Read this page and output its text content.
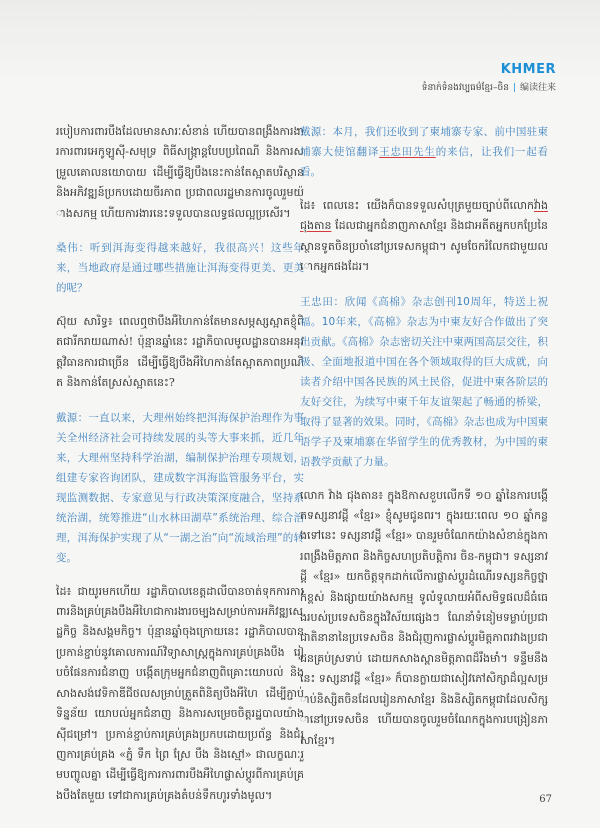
KHMER
ទំនាក់ទំនងវប្បធម៌ខ្មែរ–ចិន | 编读往来

របៀបការពារបឹងដែលមានសារៈសំខាន់ ហើយបានពង្រឹងការងារការពារអេកូឡូស៊ី-សមុទ្រ ពិធីសង្ក្រាន្តបែបប្រពៃណី និងការសម្រួលគោលនយោបាយ ដើម្បីធ្វើឱ្យបឹងនេះកាន់តែស្អាតបរិស្ថាន និងអភិវឌ្ឍន៍ប្រកបដោយចីរភាព ប្រជាពលរដ្ឋមានការចូលរួមយ៉ាងសកម្ម ហើយការងារនេះទទួលបានលទ្ធផលល្អប្រសើរ។

桑伟：听到洱海变得越来越好，我很高兴！这些年来，当地政府是通过哪些措施让洱海变得更美、更美的呢？

ស៊ុយ សារិទ្ធ៖ ពេលឮថាបឹងអឺហៃកាន់តែមានសម្ភស្សស្អាតខ្ញុំពិតជារីករាយណាស់! ប៉ុន្មានឆ្នាំនេះ រដ្ឋាភិបាលមូលដ្ឋានបានអនុវត្តវិធានការជាច្រើន ដើម្បីធ្វើឱ្យបឹងអឺហៃកាន់តែស្អាតភាពប្រណិត និងកាន់តែស្រស់ស្អាតនេះ?

戴源：一直以来，大理州始终把洱海保护治理作为事关全州经济社会可持续发展的头等大事来抓，近几年来，大理州坚持科学治湖，编制保护治理专项规划，组建专家咨询团队，建成数字洱海监管服务平台，实现监测数据、专家意见与行政决策深度融合，坚持系统治湖，统筹推进“山水林田湖草”系统治理、综合治理，洱海保护实现了从“一湖之治”向“流域治理”的转变。

ដៃ៖ ជាយូរមកហើយ រដ្ឋាភិបាលខេត្តដាលីបានចាត់ទុកការការពារនិងគ្រប់គ្រងបឹងអឺហៃជាការងារចម្បងសម្រាប់ការអភិវឌ្ឍសេដ្ឋកិច្ច និងសង្គមកិច្ច។ ប៉ុន្មានឆ្នាំចុងក្រោយនេះ រដ្ឋាភិបាលបានប្រកាន់ខ្ជាប់នូវគោលការណ៍វិទ្យាសាស្ត្រក្នុងការគ្រប់គ្រងបឹង រៀបចំផែនការជំនាញ បង្កើតក្រុមអ្នកជំនាញពិគ្រោះយោបល់ និងសាងសង់វេទិកាឌីជីថលសម្រាប់ត្រួតពិនិត្យបឹងអឺហៃ ដើម្បីភ្ជាប់ទិន្នន័យ យោបល់អ្នកជំនាញ និងការសម្រេចចិត្តរដ្ឋបាលយ៉ាងស៊ីជម្រៅ។ ប្រកាន់ខ្ជាប់ការគ្រប់គ្រងប្រកបដោយប្រព័ន្ធ និងជំរុញការគ្រប់គ្រង «ភ្នំ ទឹក ព្រៃ ស្រែ បឹង និងស្មៅ» ជាលក្ខណៈរួមបញ្ចូលគ្នា ដើម្បីធ្វើឱ្យការការពារបឹងអឺហៃផ្លាស់ប្តូរពីការគ្រប់គ្រងបឹងតែមួយ ទៅជាការគ្រប់គ្រងតំបន់ទឹកហូរទាំងមូល។

戴源：本月，我们还收到了柬埔寨专家、前中国驻柬埔寨大使馆翻译王忠田先生的来信，让我们一起看看。

ដៃ៖ ពេលនេះ យើងក៏បានទទួលសំបុត្រមួយច្បាប់ពីលោកវ៉ាង ជុងតាន ដែលជាអ្នកជំនាញភាសាខ្មែរ និងជាអតីតអ្នកបកប្រែនៃស្ថានទូតចិនប្រចាំនៅប្រទេសកម្ពុជា។ សូមចែករំលែកជាមួយលោកអ្នកផងដែរ។

王忠田：欣闻《高棉》杂志创刊10周年，特送上祝福。10年来，《高棉》杂志为中柬友好合作做出了突出贡献。《高棉》杂志密切关注中柬两国高层交往，积极、全面地报道中国在各个领域取得的巨大成就，向读者介绍中国各民族的风土民俗，促进中柬各阶层的友好交往，为续写中柬千年友谊架起了畅通的桥梁，取得了显著的效果。同时，《高棉》杂志也成为中国柬语学子及柬埔寨在华留学生的优秀教材，为中国的柬语教学贡献了力量。

លោក វ៉ាង ជុងតាន៖ ក្នុងឱកាសខួបលើកទី ១០ ឆ្នាំនៃការបង្កើតទស្សនាវដ្ដី «ខ្មែរ» ខ្ញុំសូមជូនពរ។ ក្នុងរយៈពេល ១០ ឆ្នាំកន្លងទៅនេះ ទស្សនាវដ្ដី «ខ្មែរ» បានរួមចំណែកយ៉ាងសំខាន់ក្នុងការពង្រឹងមិត្តភាព និងកិច្ចសហប្រតិបត្តិការ ចិន-កម្ពុជា។ ទស្សនាវដ្ដី «ខ្មែរ» យកចិត្តទុកដាក់លើការផ្លាស់ប្តូរដំណើរទស្សនកិច្ចថ្នាក់ខ្ពស់ និងផ្សាយយ៉ាងសកម្ម ទូលំទូលាយអំពីសមិទ្ធផលដ៏ធំធេងរបស់ប្រទេសចិនក្នុងវិស័យផ្សេងៗ ណែនាំទំនៀមទម្លាប់ប្រជាជាតិនានានៃប្រទេសចិន និងជំរុញការផ្លាស់ប្តូរមិត្តភាពរវាងប្រជាជនគ្រប់ស្រទាប់ ដោយកសាងស្ពានមិត្តភាពដ៏រឹងមាំ។ ទន្ទឹមនឹងនេះ ទស្សនាវដ្ដី «ខ្មែរ» ក៏បានក្លាយជាសៀវភៅសិក្សាដ៏ល្អសម្រាប់និស្សិតចិនដែលរៀនភាសាខ្មែរ និងនិស្សិតកម្ពុជាដែលសិក្សានៅប្រទេសចិន ហើយបានចូលរួមចំណែកក្នុងការបង្រៀនភាសាខ្មែរ។

67
